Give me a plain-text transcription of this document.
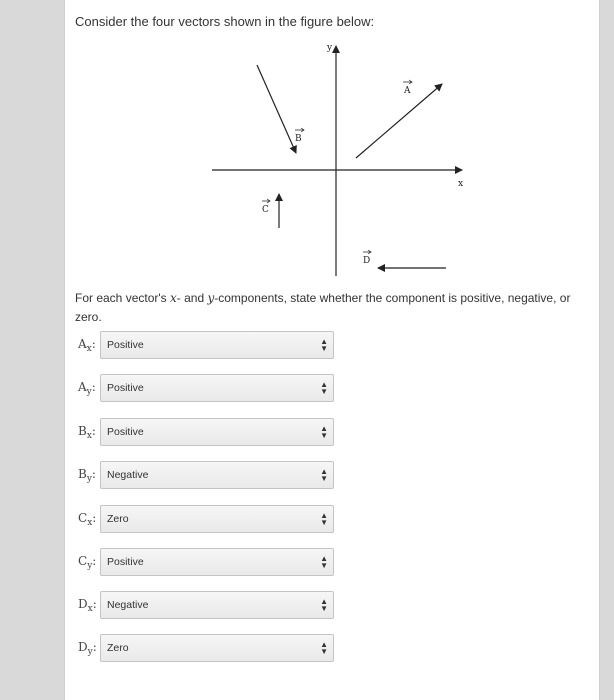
Consider the four vectors shown in the figure below:
x
y
A
B
C
D
For each vector's x- and y-components, state whether the component is positive, negative, or zero.
$A_x$: Positive	▲
▼
$A_y$: Positive	▲
▼
$B_x$: Positive	▲
▼
$B_y$: Negative	▲
▼
$C_x$: Zero	▲
▼
$C_y$: Positive	▲
▼
$D_x$: Negative	▲
▼
$D_y$: Zero	▲
▼
